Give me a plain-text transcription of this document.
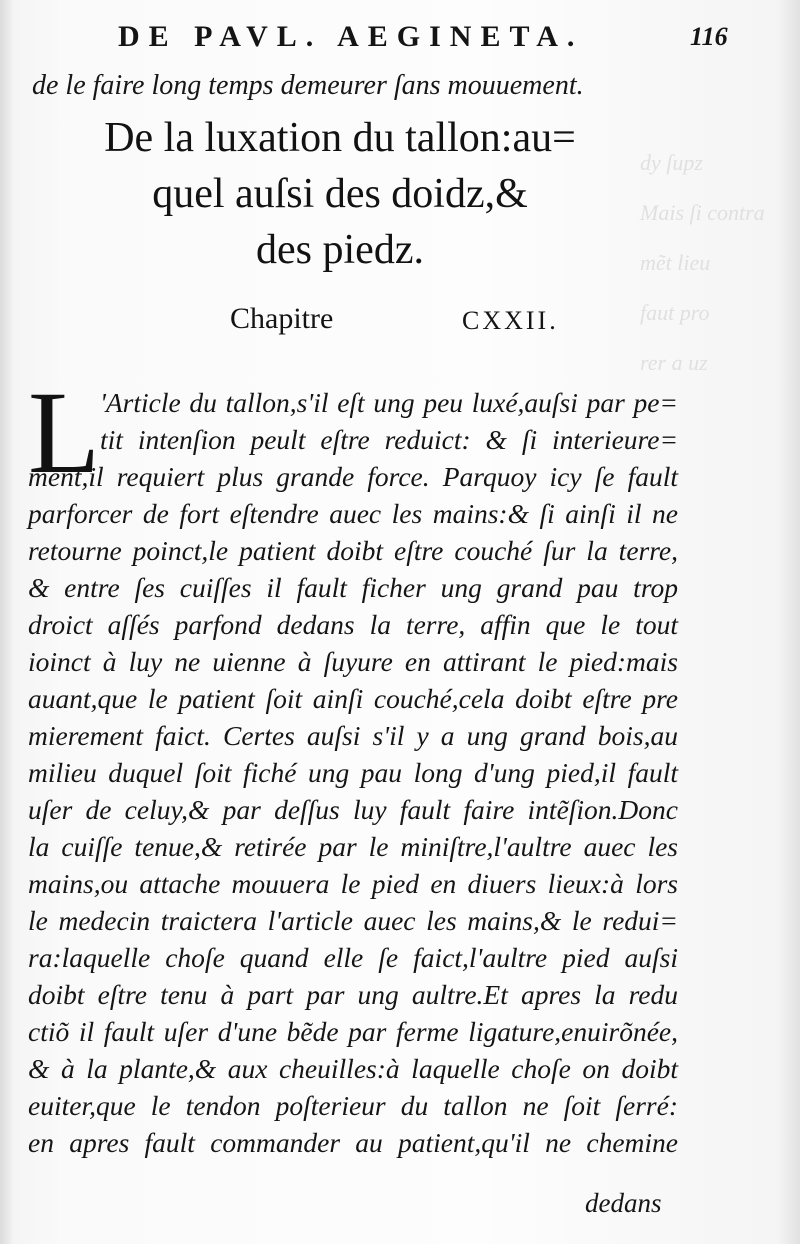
dy ſupz
Mais ſi contra
mẽt lieu
faut pro
rer a uz
DE PAVL. AEGINETA.	116
de le faire long temps demeurer ſans mouuement.
De la luxation du tallon:au=
quel auſsi des doidz,&
des piedz.
Chapitre	CXXII.
L 'Article du tallon,s'il eſt ung peu luxé,auſsi par pe=
tit intenſion peult eſtre reduict: & ſi interieure=
ment,il requiert plus grande force. Parquoy icy ſe fault
parforcer de fort eſtendre auec les mains:& ſi ainſi il ne
retourne poinct,le patient doibt eſtre couché ſur la terre,
& entre ſes cuiſſes il fault ficher ung grand pau trop
droict aſſés parfond dedans la terre, affin que le tout
ioinct à luy ne uienne à ſuyure en attirant le pied:mais
auant,que le patient ſoit ainſi couché,cela doibt eſtre pre
mierement faict. Certes auſsi s'il y a ung grand bois,au
milieu duquel ſoit fiché ung pau long d'ung pied,il fault
uſer de celuy,& par deſſus luy fault faire intẽſion.Donc
la cuiſſe tenue,& retirée par le miniſtre,l'aultre auec les
mains,ou attache mouuera le pied en diuers lieux:à lors
le medecin traictera l'article auec les mains,& le redui=
ra:laquelle choſe quand elle ſe faict,l'aultre pied auſsi
doibt eſtre tenu à part par ung aultre.Et apres la redu
ctiõ il fault uſer d'une bẽde par ferme ligature,enuirõnée,
& à la plante,& aux cheuilles:à laquelle choſe on doibt
euiter,que le tendon poſterieur du tallon ne ſoit ſerré:
en apres fault commander au patient,qu'il ne chemine
dedans
